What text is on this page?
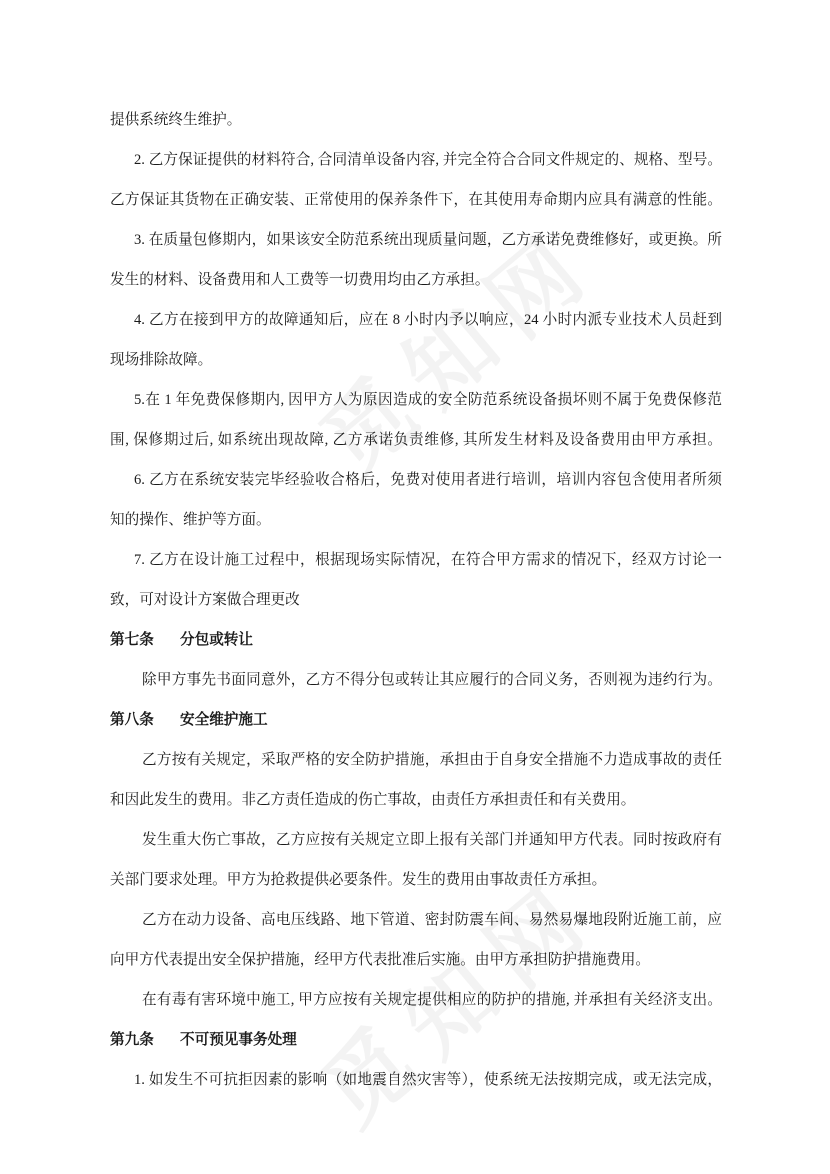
提供系统终生维护。
2. 乙方保证提供的材料符合, 合同清单设备内容, 并完全符合合同文件规定的、规格、型号。
乙方保证其货物在正确安装、正常使用的保养条件下，在其使用寿命期内应具有满意的性能。
3. 在质量包修期内，如果该安全防范系统出现质量问题，乙方承诺免费维修好，或更换。所
发生的材料、设备费用和人工费等一切费用均由乙方承担。
4. 乙方在接到甲方的故障通知后，应在 8 小时内予以响应，24 小时内派专业技术人员赶到
现场排除故障。
5.在 1 年免费保修期内, 因甲方人为原因造成的安全防范系统设备损坏则不属于免费保修范
围, 保修期过后, 如系统出现故障, 乙方承诺负责维修, 其所发生材料及设备费用由甲方承担。
6. 乙方在系统安装完毕经验收合格后，免费对使用者进行培训，培训内容包含使用者所须
知的操作、维护等方面。
7. 乙方在设计施工过程中，根据现场实际情况，在符合甲方需求的情况下，经双方讨论一
致，可对设计方案做合理更改
第七条 分包或转让
除甲方事先书面同意外，乙方不得分包或转让其应履行的合同义务，否则视为违约行为。
第八条 安全维护施工
乙方按有关规定，采取严格的安全防护措施，承担由于自身安全措施不力造成事故的责任
和因此发生的费用。非乙方责任造成的伤亡事故，由责任方承担责任和有关费用。
发生重大伤亡事故，乙方应按有关规定立即上报有关部门并通知甲方代表。同时按政府有
关部门要求处理。甲方为抢救提供必要条件。发生的费用由事故责任方承担。
乙方在动力设备、高电压线路、地下管道、密封防震车间、易然易爆地段附近施工前，应
向甲方代表提出安全保护措施，经甲方代表批准后实施。由甲方承担防护措施费用。
在有毒有害环境中施工, 甲方应按有关规定提供相应的防护的措施, 并承担有关经济支出。
第九条 不可预见事务处理
1. 如发生不可抗拒因素的影响（如地震自然灾害等），使系统无法按期完成，或无法完成，
